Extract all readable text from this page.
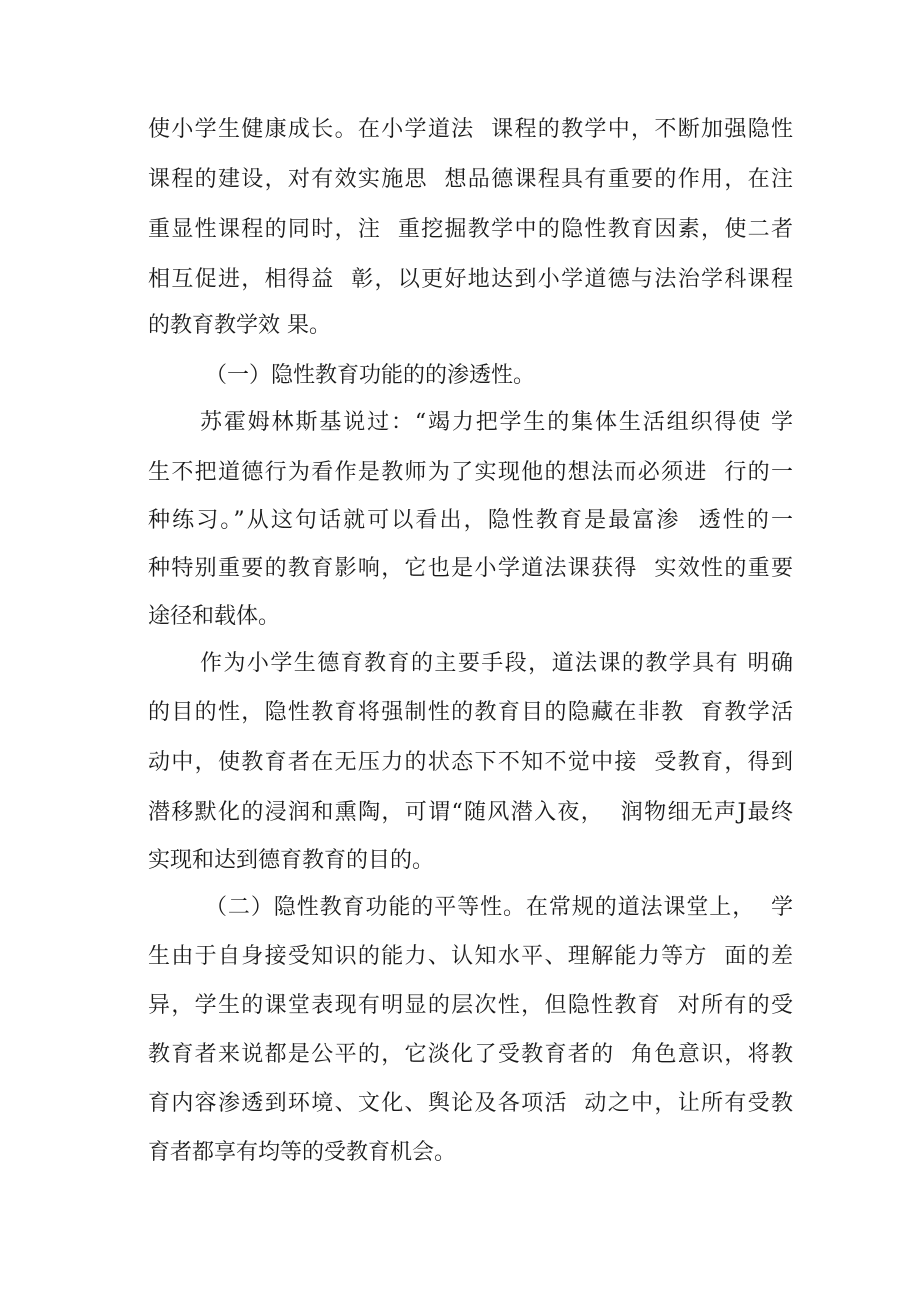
使小学生健康成长。在小学道法  课程的教学中，不断加强隐性
课程的建设，对有效实施思  想品德课程具有重要的作用，在注
重显性课程的同时，注  重挖掘教学中的隐性教育因素，使二者
相互促进，相得益  彰，以更好地达到小学道德与法治学科课程
的教育教学效 果。
（一）隐性教育功能的的渗透性。
苏霍姆林斯基说过：“竭力把学生的集体生活组织得使 学
生不把道德行为看作是教师为了实现他的想法而必须进  行的一
种练习。”从这句话就可以看出，隐性教育是最富渗  透性的一
种特别重要的教育影响，它也是小学道法课获得  实效性的重要
途径和载体。
作为小学生德育教育的主要手段，道法课的教学具有 明确
的目的性，隐性教育将强制性的教育目的隐藏在非教  育教学活
动中，使教育者在无压力的状态下不知不觉中接  受教育，得到
潜移默化的浸润和熏陶，可谓“随风潜入夜，  润物细无声J最终
实现和达到德育教育的目的。
（二）隐性教育功能的平等性。在常规的道法课堂上，  学
生由于自身接受知识的能力、认知水平、理解能力等方  面的差
异，学生的课堂表现有明显的层次性，但隐性教育  对所有的受
教育者来说都是公平的，它淡化了受教育者的  角色意识，将教
育内容渗透到环境、文化、舆论及各项活  动之中，让所有受教
育者都享有均等的受教育机会。
